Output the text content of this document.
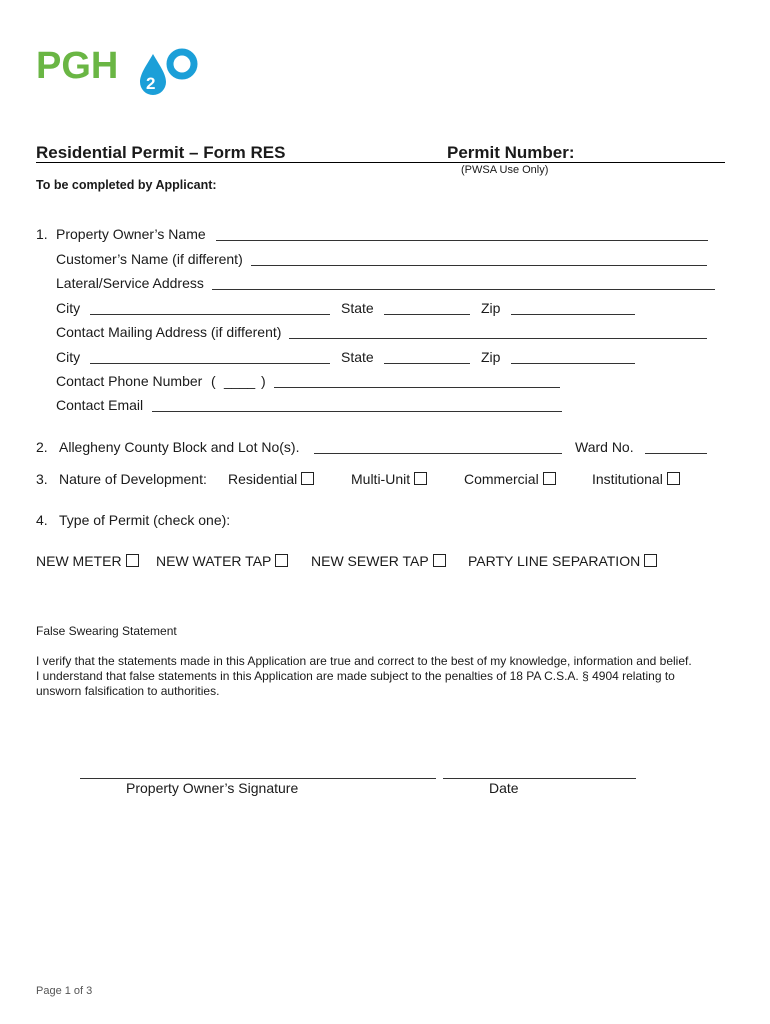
PGH 2
Residential Permit – Form RES	Permit Number:
(PWSA Use Only)
To be completed by Applicant:
1. Property Owner’s Name
Customer’s Name (if different)
Lateral/Service Address
City	State	Zip
Contact Mailing Address (if different)
City	State	Zip
Contact Phone Number ( ____ )
Contact Email
2. Allegheny County Block and Lot No(s).	Ward No.
3. Nature of Development: Residential	Multi-Unit	Commercial	Institutional
4. Type of Permit (check one):
NEW METER	NEW WATER TAP	NEW SEWER TAP	PARTY LINE SEPARATION
False Swearing Statement
I verify that the statements made in this Application are true and correct to the best of my knowledge, information and belief.
I understand that false statements in this Application are made subject to the penalties of 18 PA C.S.A. § 4904 relating to
unsworn falsification to authorities.
Property Owner’s Signature	Date
Page 1 of 3
